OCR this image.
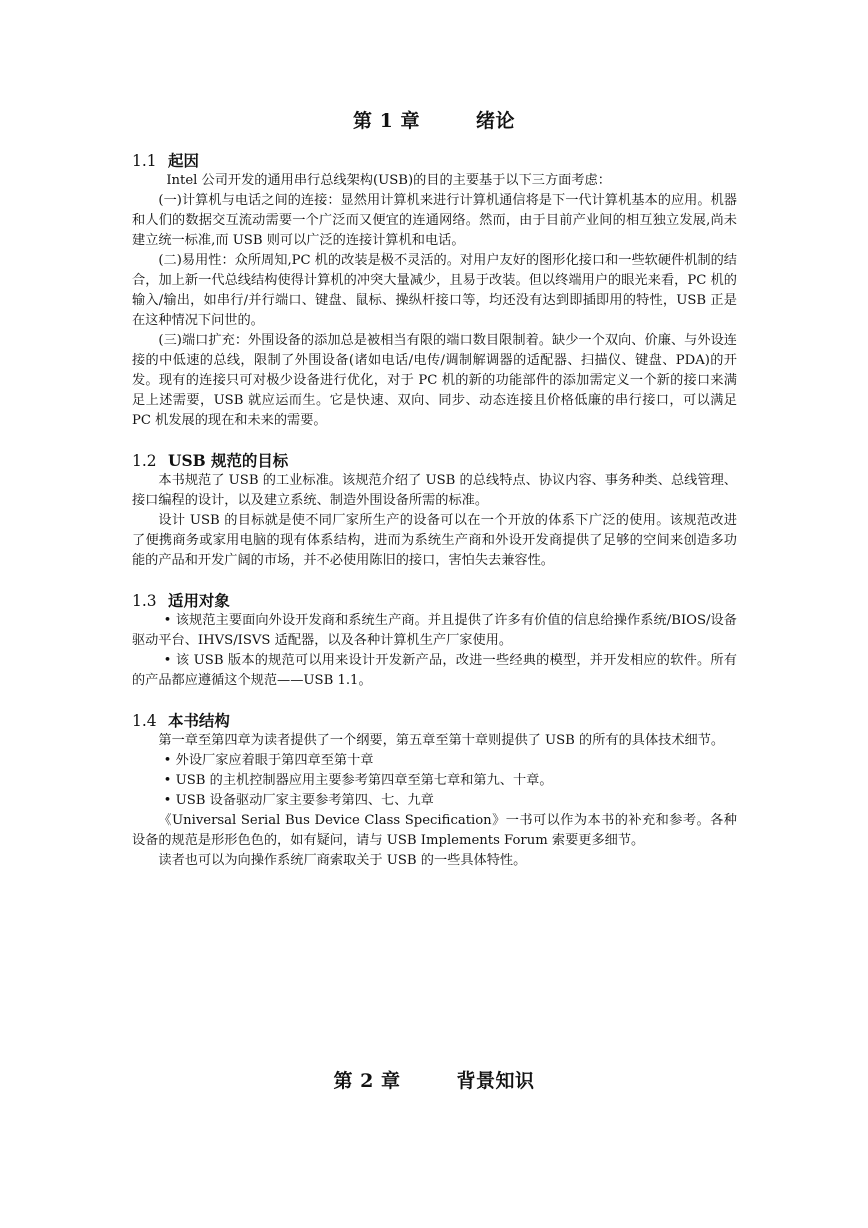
第 1 章	绪论
1.1 起因

Intel 公司开发的通用串行总线架构(USB)的目的主要基于以下三方面考虑：

(一)计算机与电话之间的连接：显然用计算机来进行计算机通信将是下一代计算机基本的应用。机器和人们的数据交互流动需要一个广泛而又便宜的连通网络。然而，由于目前产业间的相互独立发展,尚未建立统一标准,而 USB 则可以广泛的连接计算机和电话。

(二)易用性：众所周知,PC 机的改装是极不灵活的。对用户友好的图形化接口和一些软硬件机制的结合，加上新一代总线结构使得计算机的冲突大量减少，且易于改装。但以终端用户的眼光来看，PC 机的输入/输出，如串行/并行端口、键盘、鼠标、操纵杆接口等，均还没有达到即插即用的特性，USB 正是在这种情况下问世的。

(三)端口扩充：外围设备的添加总是被相当有限的端口数目限制着。缺少一个双向、价廉、与外设连接的中低速的总线，限制了外围设备(诸如电话/电传/调制解调器的适配器、扫描仪、键盘、PDA)的开发。现有的连接只可对极少设备进行优化，对于 PC 机的新的功能部件的添加需定义一个新的接口来满足上述需要，USB 就应运而生。它是快速、双向、同步、动态连接且价格低廉的串行接口，可以满足 PC 机发展的现在和未来的需要。

1.2 USB 规范的目标

本书规范了 USB 的工业标准。该规范介绍了 USB 的总线特点、协议内容、事务种类、总线管理、接口编程的设计，以及建立系统、制造外围设备所需的标准。

设计 USB 的目标就是使不同厂家所生产的设备可以在一个开放的体系下广泛的使用。该规范改进了便携商务或家用电脑的现有体系结构，进而为系统生产商和外设开发商提供了足够的空间来创造多功能的产品和开发广阔的市场，并不必使用陈旧的接口，害怕失去兼容性。

1.3 适用对象

• 该规范主要面向外设开发商和系统生产商。并且提供了许多有价值的信息给操作系统/BIOS/设备驱动平台、IHVS/ISVS 适配器，以及各种计算机生产厂家使用。

• 该 USB 版本的规范可以用来设计开发新产品，改进一些经典的模型，并开发相应的软件。所有的产品都应遵循这个规范——USB 1.1。

1.4 本书结构

第一章至第四章为读者提供了一个纲要，第五章至第十章则提供了 USB 的所有的具体技术细节。

• 外设厂家应着眼于第四章至第十章

• USB 的主机控制器应用主要参考第四章至第七章和第九、十章。

• USB 设备驱动厂家主要参考第四、七、九章

《Universal Serial Bus Device Class Specification》一书可以作为本书的补充和参考。各种设备的规范是形形色色的，如有疑问，请与 USB Implements Forum 索要更多细节。

读者也可以为向操作系统厂商索取关于 USB 的一些具体特性。

第 2 章	背景知识
